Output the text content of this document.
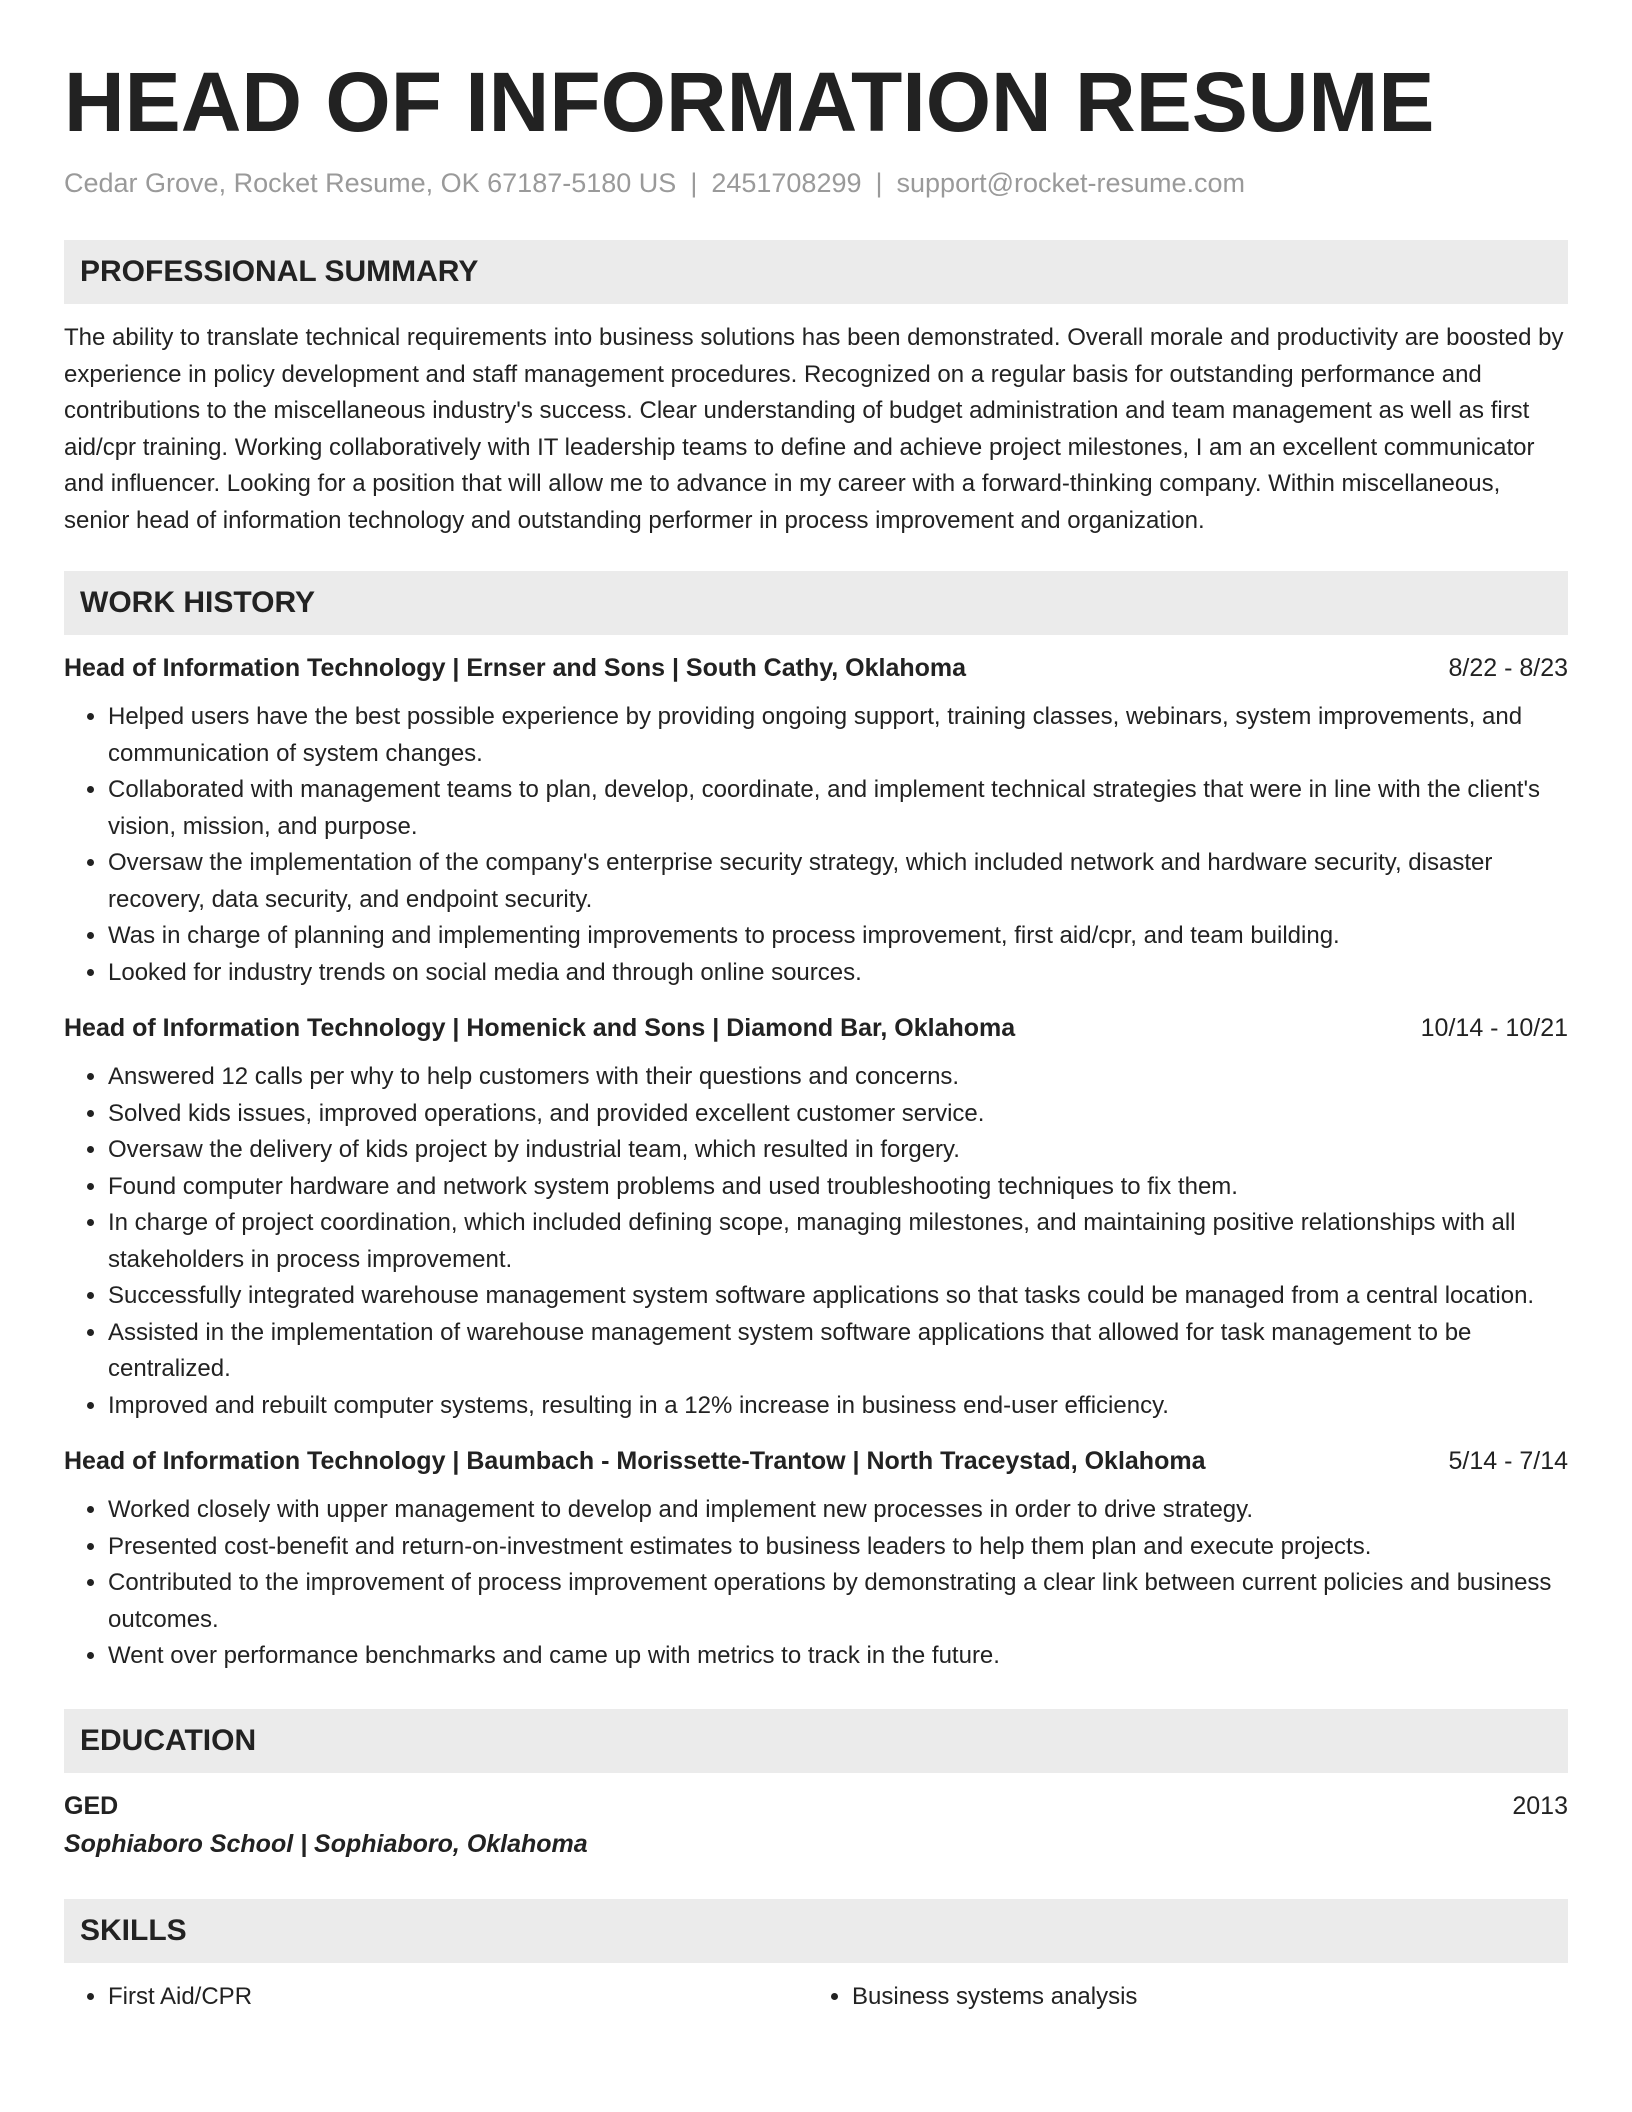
HEAD OF INFORMATION RESUME
Cedar Grove, Rocket Resume, OK 67187-5180 US | 2451708299 | support@rocket-resume.com
PROFESSIONAL SUMMARY
The ability to translate technical requirements into business solutions has been demonstrated. Overall morale and productivity are boosted by experience in policy development and staff management procedures. Recognized on a regular basis for outstanding performance and contributions to the miscellaneous industry's success. Clear understanding of budget administration and team management as well as first aid/cpr training. Working collaboratively with IT leadership teams to define and achieve project milestones, I am an excellent communicator and influencer. Looking for a position that will allow me to advance in my career with a forward-thinking company. Within miscellaneous, senior head of information technology and outstanding performer in process improvement and organization.
WORK HISTORY
Head of Information Technology | Ernser and Sons | South Cathy, Oklahoma	8/22 - 8/23
• Helped users have the best possible experience by providing ongoing support, training classes, webinars, system improvements, and communication of system changes.
• Collaborated with management teams to plan, develop, coordinate, and implement technical strategies that were in line with the client's vision, mission, and purpose.
• Oversaw the implementation of the company's enterprise security strategy, which included network and hardware security, disaster recovery, data security, and endpoint security.
• Was in charge of planning and implementing improvements to process improvement, first aid/cpr, and team building.
• Looked for industry trends on social media and through online sources.
Head of Information Technology | Homenick and Sons | Diamond Bar, Oklahoma	10/14 - 10/21
• Answered 12 calls per why to help customers with their questions and concerns.
• Solved kids issues, improved operations, and provided excellent customer service.
• Oversaw the delivery of kids project by industrial team, which resulted in forgery.
• Found computer hardware and network system problems and used troubleshooting techniques to fix them.
• In charge of project coordination, which included defining scope, managing milestones, and maintaining positive relationships with all stakeholders in process improvement.
• Successfully integrated warehouse management system software applications so that tasks could be managed from a central location.
• Assisted in the implementation of warehouse management system software applications that allowed for task management to be centralized.
• Improved and rebuilt computer systems, resulting in a 12% increase in business end-user efficiency.
Head of Information Technology | Baumbach - Morissette-Trantow | North Traceystad, Oklahoma	5/14 - 7/14
• Worked closely with upper management to develop and implement new processes in order to drive strategy.
• Presented cost-benefit and return-on-investment estimates to business leaders to help them plan and execute projects.
• Contributed to the improvement of process improvement operations by demonstrating a clear link between current policies and business outcomes.
• Went over performance benchmarks and came up with metrics to track in the future.
EDUCATION
GED	2013
Sophiaboro School | Sophiaboro, Oklahoma
SKILLS
• First Aid/CPR
•	Business systems analysis
